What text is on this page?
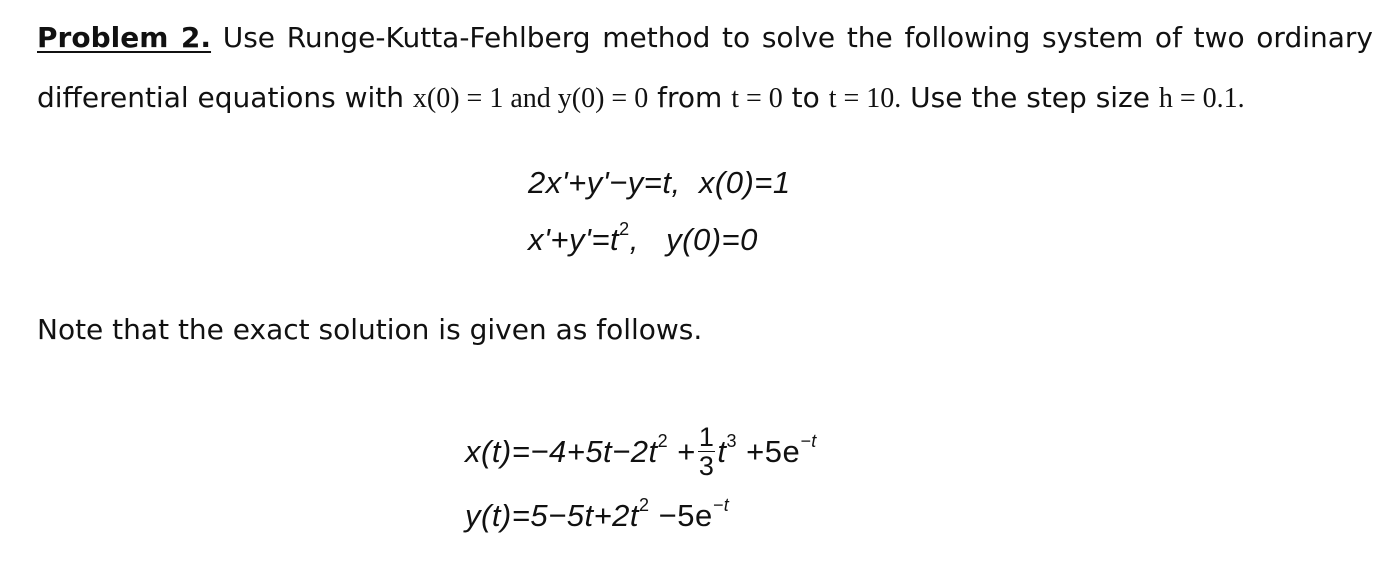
Problem 2. Use Runge-Kutta-Fehlberg method to solve the following system of two ordinary
differential equations with x(0) = 1 and y(0) = 0 from t = 0 to t = 10. Use the step size h = 0.1.
2x'+y'−y=t, x(0)=1
$x'+y'=t^2$, y(0)=0
Note that the exact solution is given as follows.
$x(t)=-4+5t-2t^2 + \frac{1}{3} t^3 +5e^{-t}$
$y(t)=5-5t+2t^2 -5e^{-t}$
